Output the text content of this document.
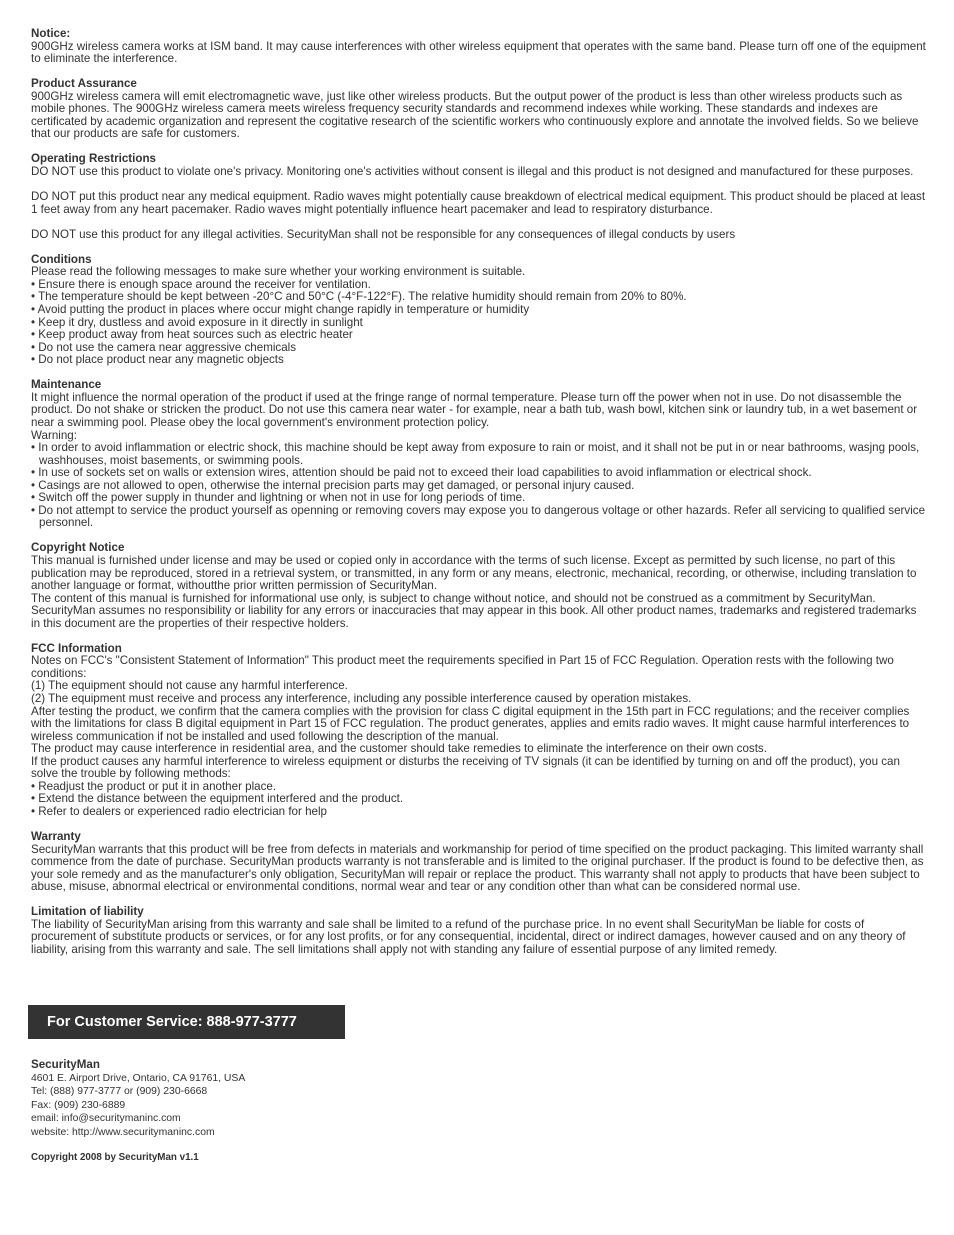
Notice:

900GHz wireless camera works at ISM band. It may cause interferences with other wireless equipment that operates with the same band. Please turn off one of the equipment to eliminate the interference.

Product Assurance

900GHz wireless camera will emit electromagnetic wave, just like other wireless products. But the output power of the product is less than other wireless products such as mobile phones. The 900GHz wireless camera meets wireless frequency security standards and recommend indexes while working. These standards and indexes are certificated by academic organization and represent the cogitative research of the scientific workers who continuously explore and annotate the involved fields. So we believe that our products are safe for customers.

Operating Restrictions

DO NOT use this product to violate one's privacy. Monitoring one's activities without consent is illegal and this product is not designed and manufactured for these purposes.

DO NOT put this product near any medical equipment. Radio waves might potentially cause breakdown of electrical medical equipment. This product should be placed at least 1 feet away from any heart pacemaker. Radio waves might potentially influence heart pacemaker and lead to respiratory disturbance.

DO NOT use this product for any illegal activities. SecurityMan shall not be responsible for any consequences of illegal conducts by users

Conditions

Please read the following messages to make sure whether your working environment is suitable.

• Ensure there is enough space around the receiver for ventilation.

• The temperature should be kept between -20°C and 50°C (-4°F-122°F). The relative humidity should remain from 20% to 80%.

• Avoid putting the product in places where occur might change rapidly in temperature or humidity

• Keep it dry, dustless and avoid exposure in it directly in sunlight

• Keep product away from heat sources such as electric heater

• Do not use the camera near aggressive chemicals

• Do not place product near any magnetic objects

Maintenance

It might influence the normal operation of the product if used at the fringe range of normal temperature. Please turn off the power when not in use. Do not disassemble the product. Do not shake or stricken the product. Do not use this camera near water - for example, near a bath tub, wash bowl, kitchen sink or laundry tub, in a wet basement or near a swimming pool. Please obey the local government's environment protection policy.

Warning:

• In order to avoid inflammation or electric shock, this machine should be kept away from exposure to rain or moist, and it shall not be put in or near bathrooms, wasjng pools, washhouses, moist basements, or swimming pools.

• In use of sockets set on walls or extension wires, attention should be paid not to exceed their load capabilities to avoid inflammation or electrical shock.

• Casings are not allowed to open, otherwise the internal precision parts may get damaged, or personal injury caused.

• Switch off the power supply in thunder and lightning or when not in use for long periods of time.

• Do not attempt to service the product yourself as openning or removing covers may expose you to dangerous voltage or other hazards. Refer all servicing to qualified service personnel.

Copyright Notice

This manual is furnished under license and may be used or copied only in accordance with the terms of such license. Except as permitted by such license, no part of this publication may be reproduced, stored in a retrieval system, or transmitted, in any form or any means, electronic, mechanical, recording, or otherwise, including translation to another language or format, withoutthe prior written permission of SecurityMan.

The content of this manual is furnished for informational use only, is subject to change without notice, and should not be construed as a commitment by SecurityMan. SecurityMan assumes no responsibility or liability for any errors or inaccuracies that may appear in this book. All other product names, trademarks and registered trademarks in this document are the properties of their respective holders.

FCC Information

Notes on FCC's "Consistent Statement of Information" This product meet the requirements specified in Part 15 of FCC Regulation. Operation rests with the following two conditions:

(1) The equipment should not cause any harmful interference.

(2) The equipment must receive and process any interference, including any possible interference caused by operation mistakes.

After testing the product, we confirm that the camera complies with the provision for class C digital equipment in the 15th part in FCC regulations; and the receiver complies with the limitations for class B digital equipment in Part 15 of FCC regulation. The product generates, applies and emits radio waves. It might cause harmful interferences to wireless communication if not be installed and used following the description of the manual.

The product may cause interference in residential area, and the customer should take remedies to eliminate the interference on their own costs.

If the product causes any harmful interference to wireless equipment or disturbs the receiving of TV signals (it can be identified by turning on and off the product), you can solve the trouble by following methods:

• Readjust the product or put it in another place.

• Extend the distance between the equipment interfered and the product.

• Refer to dealers or experienced radio electrician for help

Warranty

SecurityMan warrants that this product will be free from defects in materials and workmanship for period of time specified on the product packaging. This limited warranty shall commence from the date of purchase. SecurityMan products warranty is not transferable and is limited to the original purchaser. If the product is found to be defective then, as your sole remedy and as the manufacturer's only obligation, SecurityMan will repair or replace the product. This warranty shall not apply to products that have been subject to abuse, misuse, abnormal electrical or environmental conditions, normal wear and tear or any condition other than what can be considered normal use.

Limitation of liability

The liability of SecurityMan arising from this warranty and sale shall be limited to a refund of the purchase price. In no event shall SecurityMan be liable for costs of procurement of substitute products or services, or for any lost profits, or for any consequential, incidental, direct or indirect damages, however caused and on any theory of liability, arising from this warranty and sale. The sell limitations shall apply not with standing any failure of essential purpose of any limited remedy.

For Customer Service: 888-977-3777
SecurityMan
4601 E. Airport Drive, Ontario, CA 91761, USA
Tel: (888) 977-3777 or (909) 230-6668
Fax: (909) 230-6889
email: info@securitymaninc.com
website: http://www.securitymaninc.com
Copyright 2008 by SecurityMan v1.1
